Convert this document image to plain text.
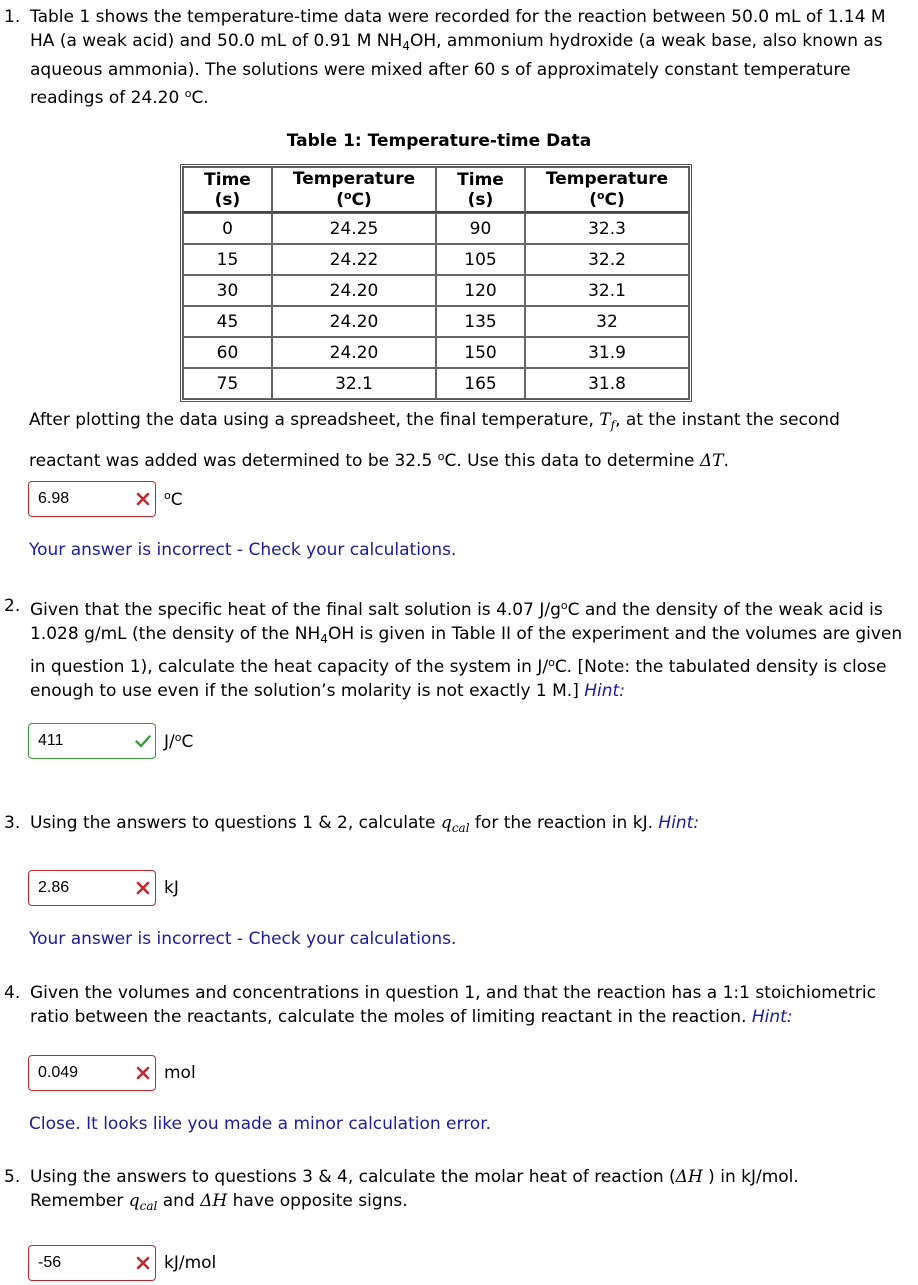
1. Table 1 shows the temperature-time data were recorded for the reaction between 50.0 mL of 1.14 M HA (a weak acid) and 50.0 mL of 0.91 M $NH_4OH$, ammonium hydroxide (a weak base, also known as aqueous ammonia). The solutions were mixed after 60 s of approximately constant temperature readings of 24.20 $^o$C.
Table 1: Temperature-time Data
Time (s)	Temperature ($^o$C)	Time (s)	Temperature ($^o$C)
0	24.25	90	32.3
15	24.22	105	32.2
30	24.20	120	32.1
45	24.20	135	32
60	24.20	150	31.9
75	32.1	165	31.8
After plotting the data using a spreadsheet, the final temperature, $T_f$, at the instant the second reactant was added was determined to be 32.5 $^o$C. Use this data to determine ΔT.
6.98
$^o$C
Your answer is incorrect - Check your calculations.
2. Given that the specific heat of the final salt solution is 4.07 $J/g^oC$ and the density of the weak acid is 1.028 g/mL (the density of the $NH_4OH$ is given in Table II of the experiment and the volumes are given in question 1), calculate the heat capacity of the system in J/$^o$C. [Note: the tabulated density is close enough to use even if the solution’s molarity is not exactly 1 M.] Hint:
411
J/$^o$C
3. Using the answers to questions 1 & 2, calculate $q_{cal}$ for the reaction in kJ. Hint:
2.86
kJ
Your answer is incorrect - Check your calculations.
4. Given the volumes and concentrations in question 1, and that the reaction has a 1:1 stoichiometric ratio between the reactants, calculate the moles of limiting reactant in the reaction. Hint:
0.049
mol
Close. It looks like you made a minor calculation error.
5. Using the answers to questions 3 & 4, calculate the molar heat of reaction (ΔH ) in kJ/mol.
Remember $q_{cal}$ and ΔH have opposite signs.
-56
kJ/mol
